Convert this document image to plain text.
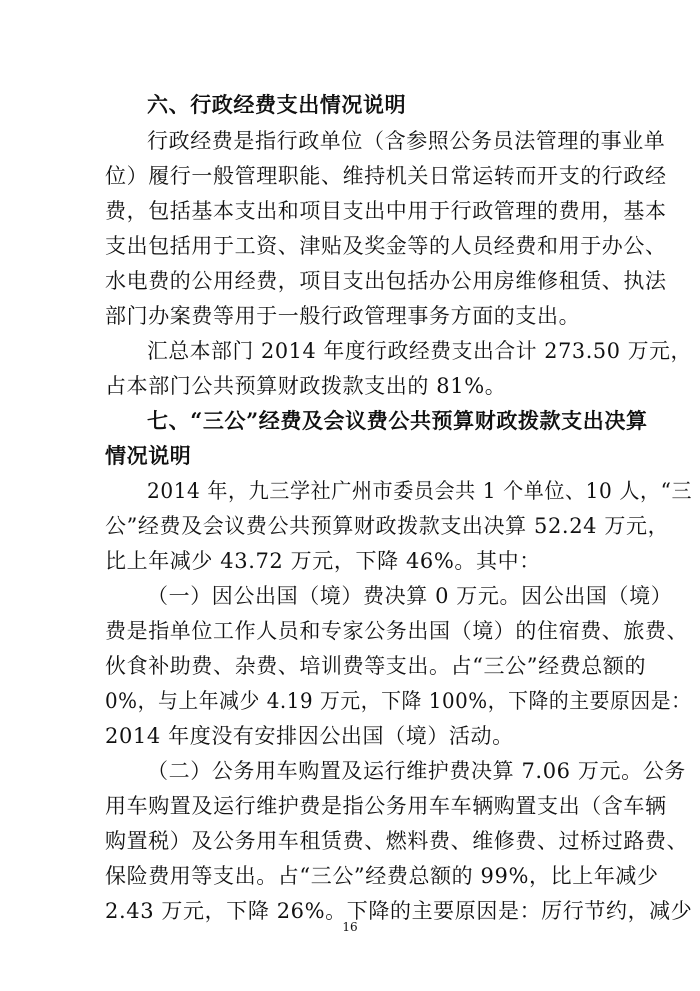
六、行政经费支出情况说明
行政经费是指行政单位（含参照公务员法管理的事业单
位）履行一般管理职能、维持机关日常运转而开支的行政经
费，包括基本支出和项目支出中用于行政管理的费用，基本
支出包括用于工资、津贴及奖金等的人员经费和用于办公、
水电费的公用经费，项目支出包括办公用房维修租赁、执法
部门办案费等用于一般行政管理事务方面的支出。
汇总本部门 2014 年度行政经费支出合计 273.50 万元，
占本部门公共预算财政拨款支出的 81%。
七、“三公”经费及会议费公共预算财政拨款支出决算
情况说明
2014 年，九三学社广州市委员会共 1 个单位、10 人，“三
公”经费及会议费公共预算财政拨款支出决算 52.24 万元，
比上年减少 43.72 万元，下降 46%。其中：
（一）因公出国（境）费决算 0 万元。因公出国（境）
费是指单位工作人员和专家公务出国（境）的住宿费、旅费、
伙食补助费、杂费、培训费等支出。占“三公”经费总额的
0%，与上年减少 4.19 万元，下降 100%，下降的主要原因是：
2014 年度没有安排因公出国（境）活动。
（二）公务用车购置及运行维护费决算 7.06 万元。公务
用车购置及运行维护费是指公务用车车辆购置支出（含车辆
购置税）及公务用车租赁费、燃料费、维修费、过桥过路费、
保险费用等支出。占“三公”经费总额的 99%，比上年减少
2.43 万元，下降 26%。下降的主要原因是：厉行节约，减少
16
